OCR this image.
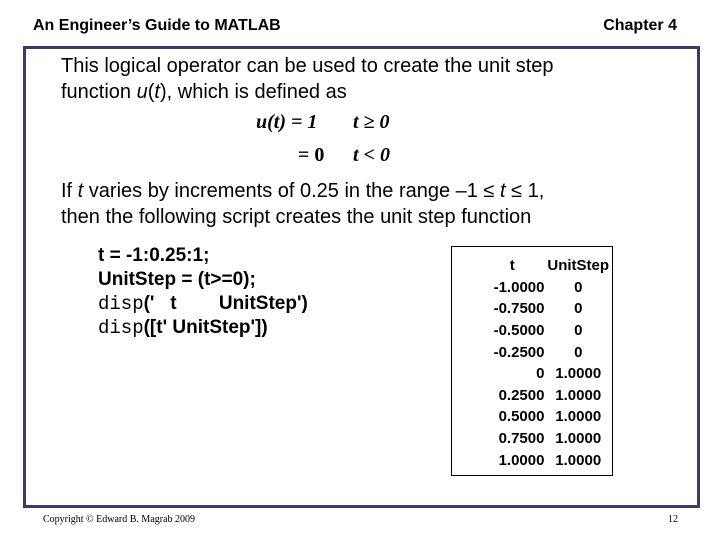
An Engineer’s Guide to MATLAB	Chapter 4
This logical operator can be used to create the unit step
function u(t), which is defined as
u(t) = 1 t ≥ 0
= 0 t < 0
If t varies by increments of 0.25 in the range –1 ≤ t ≤ 1,
then the following script creates the unit step function
t = -1:0.25:1;
UnitStep = (t>=0);
disp('   t        UnitStep')
disp([t' UnitStep'])
t	UnitStep
-1.0000	0
-0.7500	0
-0.5000	0
-0.2500	0
0	1.0000
0.2500	1.0000
0.5000	1.0000
0.7500	1.0000
1.0000	1.0000
Copyright © Edward B. Magrab 2009	12
